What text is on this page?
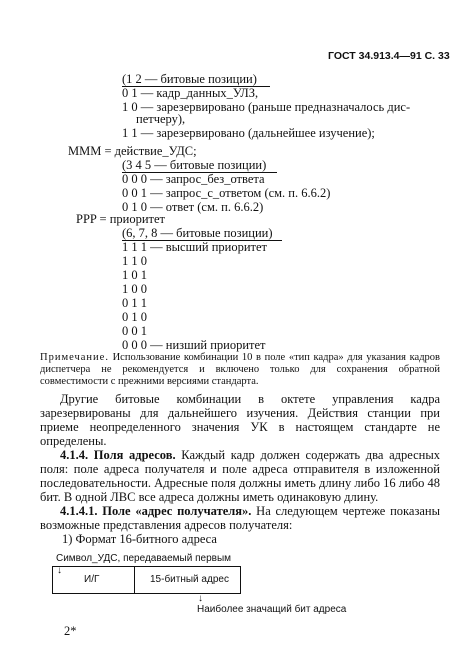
ГОСТ 34.913.4—91 С. 33
(1 2 — битовые позиции)
0 1 — кадр_данных_УЛЗ,
1 0 — зарезервировано (раньше предназначалось дис-
петчеру),
1 1 — зарезервировано (дальнейшее изучение);
MMM = действие_УДС;
(3 4 5 — битовые позиции)
0 0 0 — запрос_без_ответа
0 0 1 — запрос_с_ответом (см. п. 6.6.2)
0 1 0 — ответ (см. п. 6.6.2)
PPP = приоритет
(6, 7, 8 — битовые позиции)
1 1 1 — высший приоритет
1 1 0
1 0 1
1 0 0
0 1 1
0 1 0
0 0 1
0 0 0 — низший приоритет
Примечание. Использование комбинации 10 в поле «тип кадра» для указания кадров диспетчера не рекомендуется и включено только для сохранения обратной совместимости с прежними версиями стандарта.
Другие битовые комбинации в октете управления кадра зарезервированы для дальнейшего изучения. Действия станции при приеме неопределенного значения УК в настоящем стандарте не определены.
4.1.4. Поля адресов. Каждый кадр должен содержать два адресных поля: поле адреса получателя и поле адреса отправителя в изложенной последовательности. Адресные поля должны иметь длину либо 16 либо 48 бит. В одной ЛВС все адреса должны иметь одинаковую длину.
4.1.4.1. Поле «адрес получателя». На следующем чертеже показаны возможные представления адресов получателя:
1) Формат 16-битного адреса
Символ_УДС, передаваемый первым
↓
И/Г	15-битный адрес
↓
Наиболее значащий бит адреса
2*
